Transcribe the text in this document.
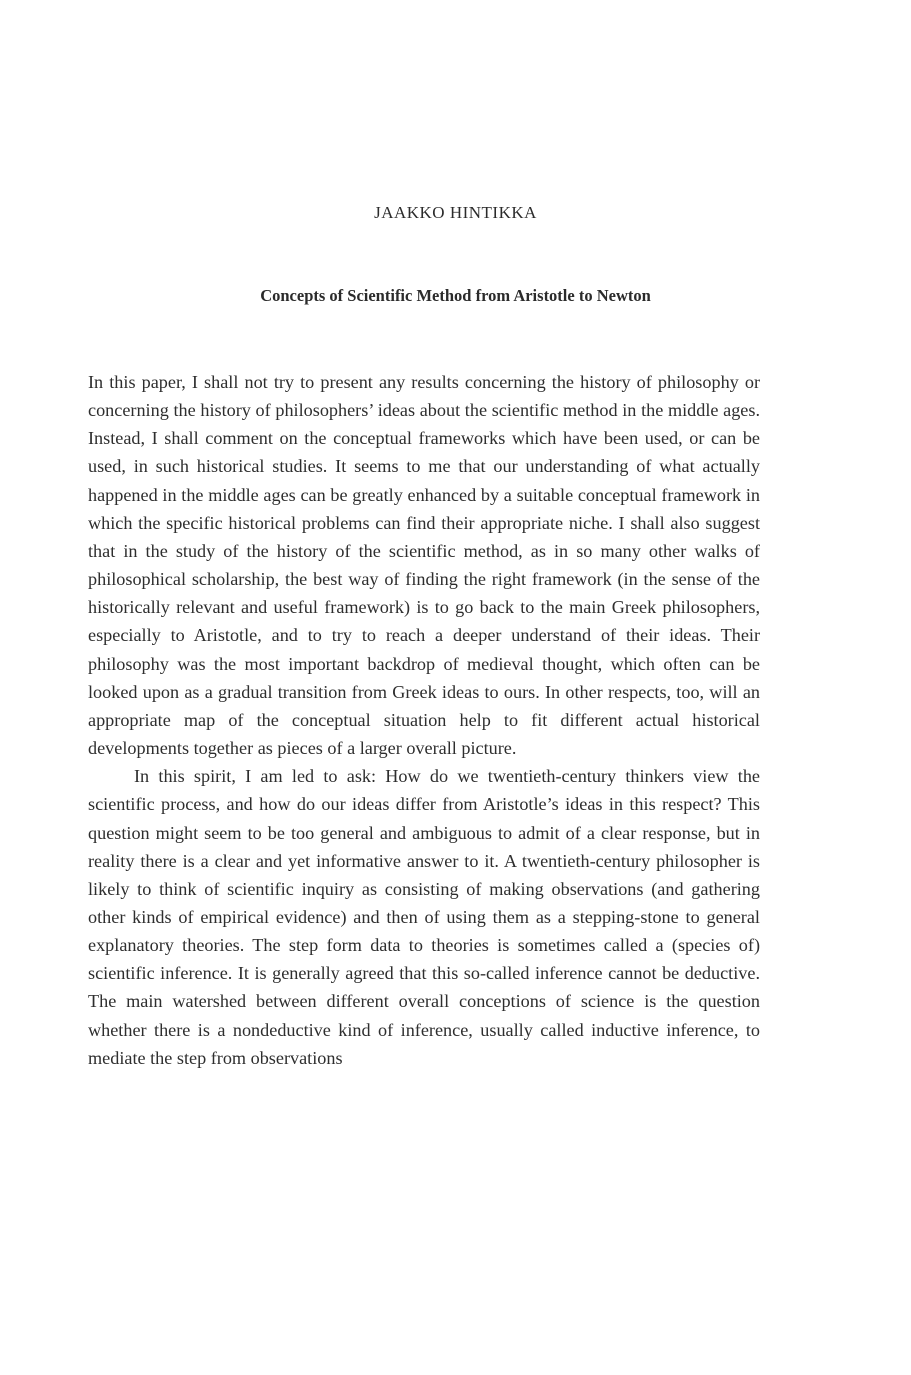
JAAKKO HINTIKKA
Concepts of Scientific Method from Aristotle to Newton

In this paper, I shall not try to present any results concerning the history of philosophy or concerning the history of philosophers’ ideas about the scientific method in the middle ages. Instead, I shall comment on the conceptual frameworks which have been used, or can be used, in such historical studies. It seems to me that our understanding of what actually happened in the middle ages can be greatly enhanced by a suitable conceptual framework in which the specific historical problems can find their appropriate niche. I shall also suggest that in the study of the history of the scientific method, as in so many other walks of philosophical scholarship, the best way of finding the right framework (in the sense of the historically relevant and useful framework) is to go back to the main Greek philosophers, especially to Aristotle, and to try to reach a deeper understand of their ideas. Their philosophy was the most important backdrop of medieval thought, which often can be looked upon as a gradual transition from Greek ideas to ours. In other respects, too, will an appropriate map of the conceptual situation help to fit different actual historical developments together as pieces of a larger overall picture.

In this spirit, I am led to ask: How do we twentieth-century thinkers view the scientific process, and how do our ideas differ from Aristotle’s ideas in this respect? This question might seem to be too general and ambiguous to admit of a clear response, but in reality there is a clear and yet informative answer to it. A twentieth-century philosopher is likely to think of scientific inquiry as consisting of making observations (and gathering other kinds of empirical evidence) and then of using them as a stepping-stone to general explanatory theories. The step form data to theories is sometimes called a (species of) scientific inference. It is generally agreed that this so-called inference cannot be deductive. The main watershed between different overall conceptions of science is the question whether there is a nondeductive kind of inference, usually called inductive inference, to mediate the step from observations
